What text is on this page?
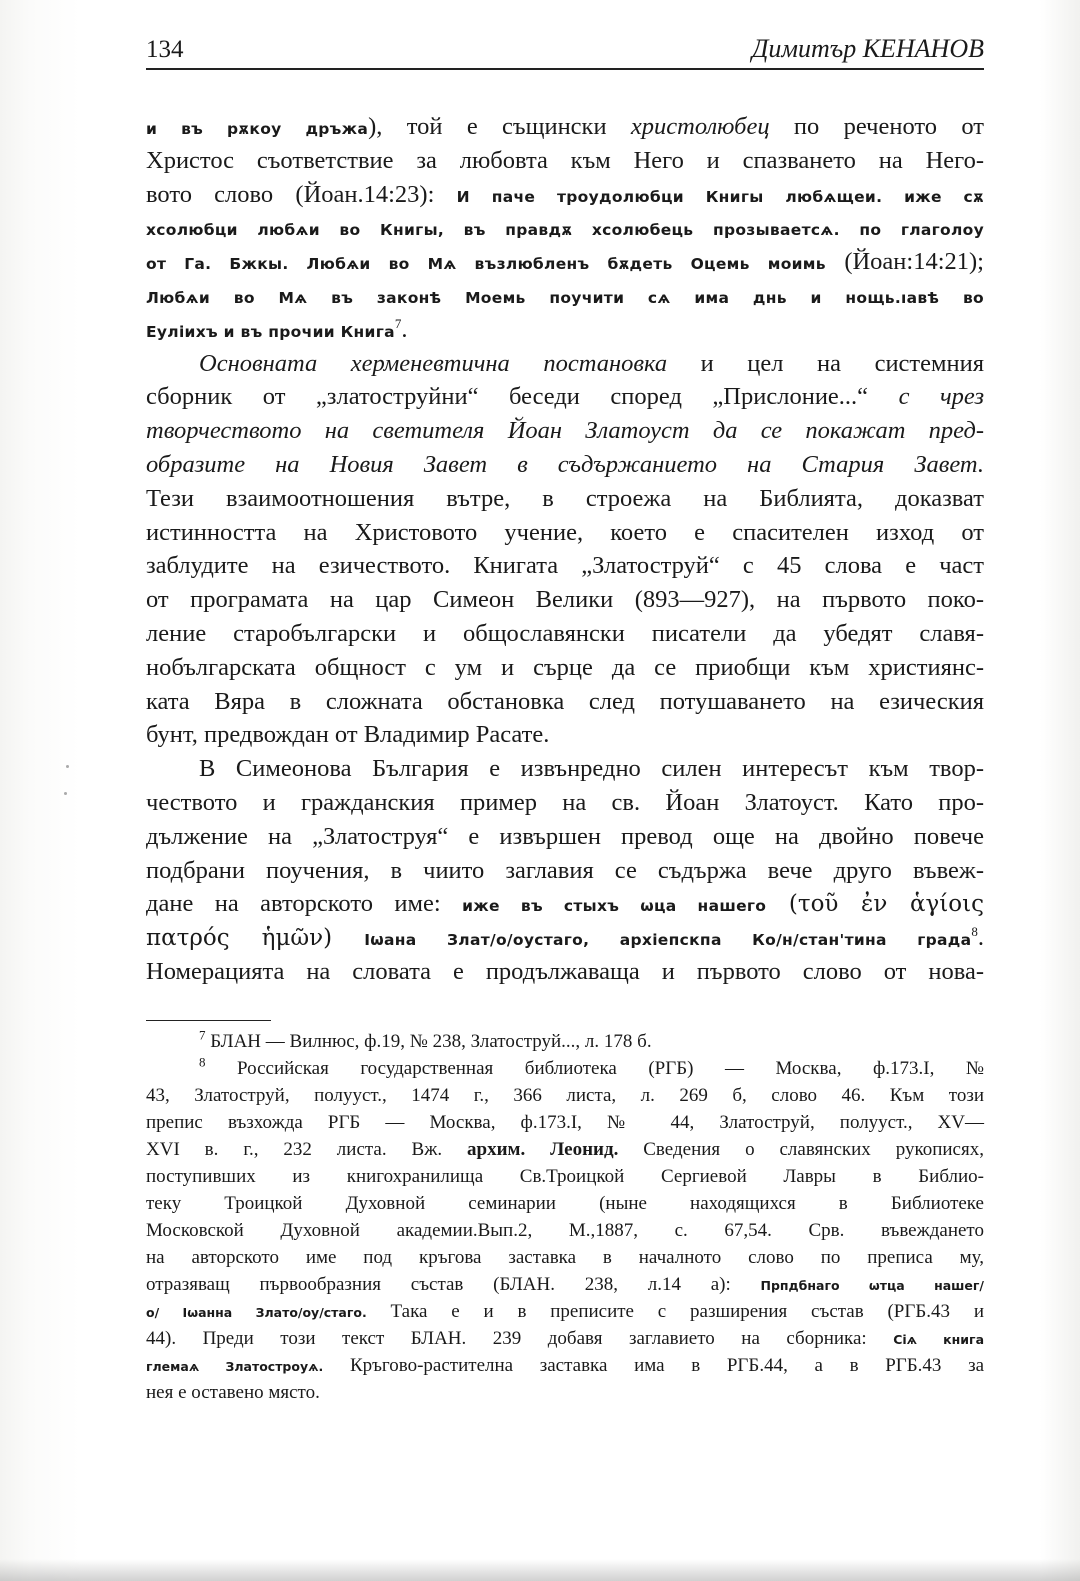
134	Димитър КЕНАНОВ
и въ рѫкоу дръжа), той е същински христолюбец по реченото от
Христос съответствие за любовта към Него и спазването на Него-
вото слово (Йоан.14:23): И паче троудолюбци Книгы любѧщеи. иже сѫ
хсолюбци любѧи во Книгы, въ правдѫ хсолюбець прозываетсѧ. по глаголоу
от Га. Бжкы. Любѧи во Мѧ възлюбленъ бѫдеть Оцемь моимь (Йоан:14:21);
Любѧи во Мѧ въ законѣ Моемь поучити сѧ има днь и нощь.ıавѣ во
Еуліихъ и въ прочии Книга$^7$.
Основната херменевтична постановка и цел на системния
сборник от „златоструйни“ беседи според „Прислоние...“ с чрез
творчеството на светителя Йоан Златоуст да се покажат пред-
образите на Новия Завет в съдържанието на Стария Завет.
Тези взаимоотношения вътре, в строежа на Библията, доказват
истинността на Христовото учение, което е спасителен изход от
заблудите на езичеството. Книгата „Златоструй“ с 45 слова е част
от програмата на цар Симеон Велики (893—927), на първото поко-
ление старобългарски и общославянски писатели да убедят славя-
нобългарската общност с ум и сърце да се приобщи към християнс-
ката Вяра в сложната обстановка след потушаването на езическия
бунт, предвождан от Владимир Расате.
В Симеонова България е извънредно силен интересът към твор-
чеството и гражданския пример на св. Йоан Златоуст. Като про-
дължение на „Златоструя“ е извършен превод още на двойно повече
подбрани поучения, в чиито заглавия се съдържа вече друго въвеж-
дане на авторското име: иже въ стыхъ ѡца нашего (τοῦ ἐν ἁγίοις
πατρός ἡμῶν) Іωана Злат/о/оустаго, архіепскпа Ко/н/стан'тина града$^8$.
Номерацията на словата е продължаваща и първото слово от нова-
$^7$ БЛАН — Вилнюс, ф.19, № 238, Златоструй..., л. 178 б.
$^8$ Российская государственная библиотека (РГБ) — Москва, ф.173.I, №
43, Златоструй, полууст., 1474 г., 366 листа, л. 269 б, слово 46. Към този
препис възхожда РГБ — Москва, ф.173.I, № 44, Златоструй, полууст., XV—
XVI в. г., 232 листа. Вж. архим. Леонид. Сведения о славянских рукописях,
поступивших из книгохранилища Св.Троицкой Сергиевой Лавры в Библио-
теку Троицкой Духовной семинарии (ныне находящихся в Библиотеке
Московской Духовной академии.Вып.2, М.,1887, с. 67,54. Срв. въвеждането
на авторското име под кръгова заставка в началното слово по преписа му,
отразяващ първообразния състав (БЛАН. 238, л.14 а): Прпдбнаго ѡтца нашег/
о/ Іωанна Злато/оу/стаго. Така е и в преписите с разширения състав (РГБ.43 и
44). Преди този текст БЛАН. 239 добавя заглавието на сборника: Сіѧ книга
глемаѧ Златостроуѧ. Кръгово-растителна заставка има в РГБ.44, а в РГБ.43 за
нея е оставено място.
